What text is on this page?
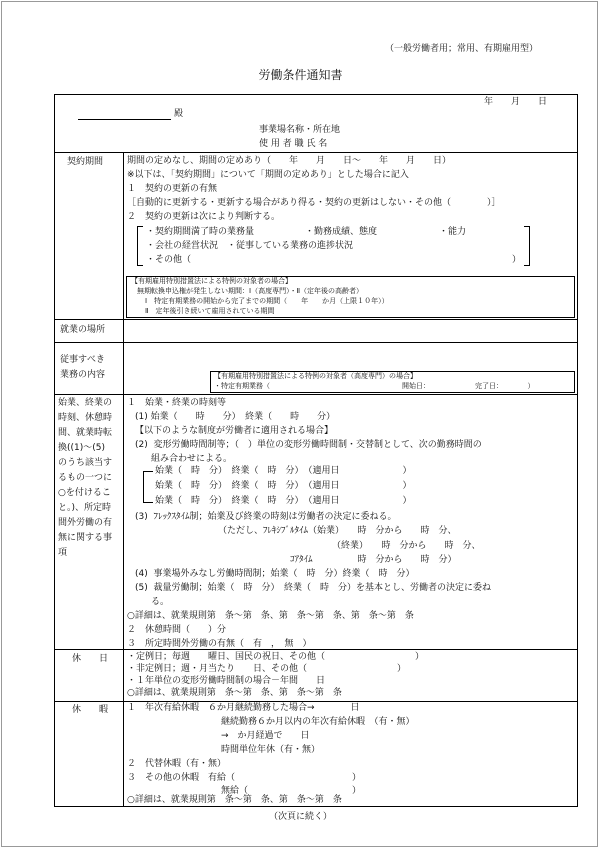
（一般労働者用；常用、有期雇用型）
労働条件通知書
年　　月　　日
殿
事業場名称・所在地
使 用 者 職 氏 名
契約期間	期間の定めなし、期間の定めあり（　　年　　月　　日～　　年　　月　　日）
※以下は、「契約期間」について「期間の定めあり」とした場合に記入
１　契約の更新の有無
［自動的に更新する・更新する場合があり得る・契約の更新はしない・その他（　　　　）］
２　契約の更新は次により判断する。
・契約期間満了時の業務量	・勤務成績、態度	・能力
・会社の経営状況　・従事している業務の進捗状況
・その他（	）
【有期雇用特別措置法による特例の対象者の場合】
無期転換申込権が発生しない期間：Ⅰ（高度専門）・Ⅱ（定年後の高齢者）
Ⅰ　特定有期業務の開始から完了までの期間（　　年　　か月（上限１０年））
Ⅱ　定年後引き続いて雇用されている期間
就業の場所
従事すべき
業務の内容	【有期雇用特別措置法による特例の対象者（高度専門）の場合】
・特定有期業務（	開始日：	完了日：　　　　）
始業、終業の
時刻、休憩時
間、就業時転
換((1)～(5)
のうち該当す
るもの一つに
○を付けるこ
と。)、所定時
間外労働の有
無に関する事
項
１　始業・終業の時刻等
(1) 始業（　　時　　分）　終業（　　時　　分）
【以下のような制度が労働者に適用される場合】
(2)  変形労働時間制等；（　）単位の変形労働時間制・交替制として、次の勤務時間の
組み合わせによる。
始業（　時　分）　終業（　時　分）　（適用日　　　　　　　）
始業（　時　分）　終業（　時　分）　（適用日　　　　　　　）
始業（　時　分）　終業（　時　分）　（適用日　　　　　　　）
(3)  ﾌﾚｯｸｽﾀｲﾑ制；始業及び終業の時刻は労働者の決定に委ねる。
（ただし、ﾌﾚｷｼﾌﾞﾙﾀｲﾑ（始業）　　時　分から　　時　分、
（終業）　　時　分から　　時　分、
ｺｱﾀｲﾑ　　　　　時　分から　　時　分）
(4)  事業場外みなし労働時間制；始業（　時　分）終業（　時　分）
(5)  裁量労働制；始業（　時　分）　終業（　時　分）を基本とし、労働者の決定に委ね
る。
○詳細は、就業規則第　条～第　条、第　条～第　条、第　条～第　条
２　休憩時間（　　）分
３　所定時間外労働の有無（　有　，　無　）
休　　日 ・定例日；毎週　　曜日、国民の祝日、その他（　　　　　　　　　　）
・非定例日；週・月当たり　　日、その他（　　　　　　　　　　）
・１年単位の変形労働時間制の場合－年間　　日
○詳細は、就業規則第　条～第　条、第　条～第　条
休　　暇 １　年次有給休暇　６か月継続勤務した場合→　　　　日
継続勤務６か月以内の年次有給休暇　（有・無）
→　か月経過で　　日
時間単位年休（有・無）
２　代替休暇（有・無）
３　その他の休暇　有給（	）
無給（	）
○詳細は、就業規則第　条～第　条、第　条～第　条
（次頁に続く）
